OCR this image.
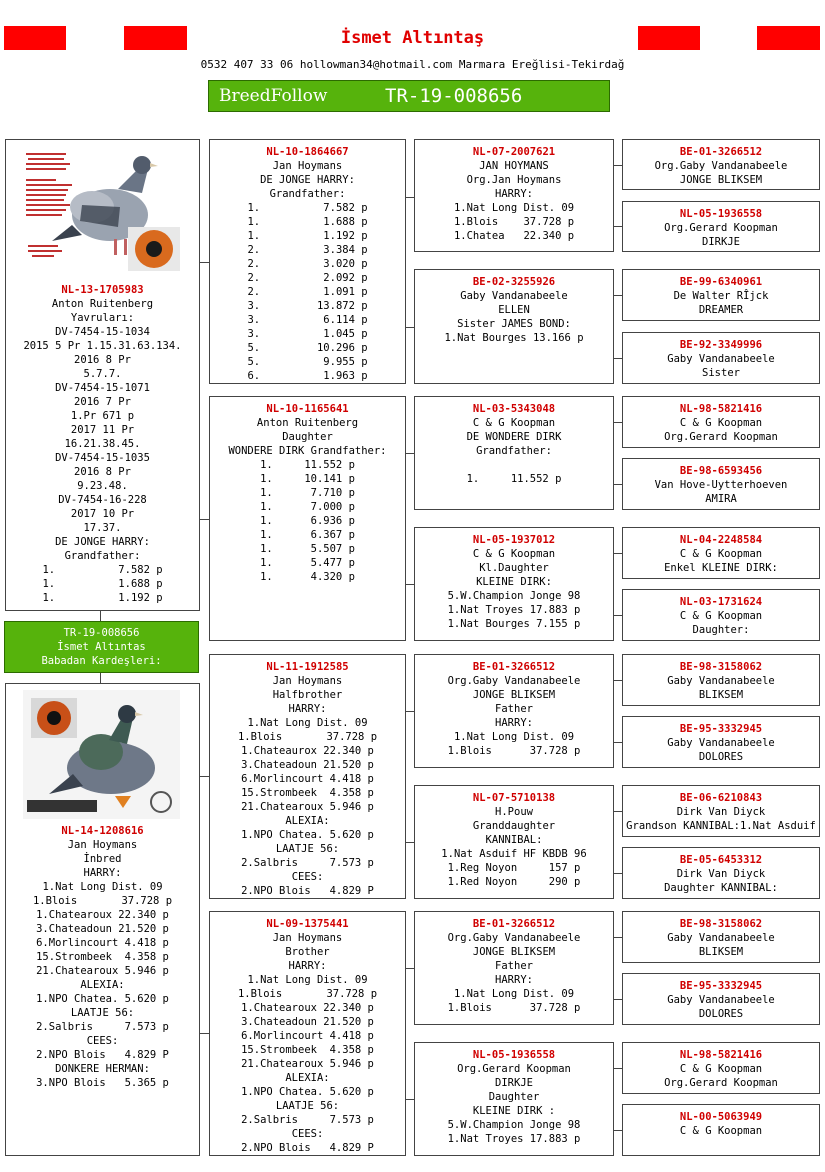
İsmet Altıntaş
0532 407 33 06 hollowman34@hotmail.com Marmara Ereğlisi-Tekirdağ
BreedFollow	TR-19-008656
NL-13-1705983
Anton Ruitenberg
Yavruları:
DV-7454-15-1034
2015 5 Pr 1.15.31.63.134.
2016 8 Pr
5.7.7.
DV-7454-15-1071
2016 7 Pr
1.Pr 671 p
2017 11 Pr
16.21.38.45.
DV-7454-15-1035
2016 8 Pr
9.23.48.
DV-7454-16-228
2017 10 Pr
17.37.
DE JONGE HARRY:
Grandfather:
1.          7.582 p
1.          1.688 p
1.          1.192 p
NL-10-1864667
Jan Hoymans
DE JONGE HARRY:
Grandfather:
1.          7.582 p
1.          1.688 p
1.          1.192 p
2.          3.384 p
2.          3.020 p
2.          2.092 p
2.          1.091 p
3.         13.872 p
3.          6.114 p
3.          1.045 p
5.         10.296 p
5.          9.955 p
6.          1.963 p
NL-07-2007621
JAN HOYMANS
Org.Jan Hoymans
HARRY:
1.Nat Long Dist. 09
1.Blois    37.728 p
1.Chatea   22.340 p
BE-01-3266512
Org.Gaby Vandanabeele
JONGE BLIKSEM
NL-05-1936558
Org.Gerard Koopman
DIRKJE
BE-02-3255926
Gaby Vandanabeele
ELLEN
Sister JAMES BOND:
1.Nat Bourges 13.166 p
BE-99-6340961
De Walter RÎjck
DREAMER
BE-92-3349996
Gaby Vandanabeele
Sister
NL-10-1165641
Anton Ruitenberg
Daughter
WONDERE DIRK Grandfather:
1.     11.552 p
1.     10.141 p
1.      7.710 p
1.      7.000 p
1.      6.936 p
1.      6.367 p
1.      5.507 p
1.      5.477 p
1.      4.320 p
NL-03-5343048
C & G Koopman
DE WONDERE DIRK
Grandfather:
1.     11.552 p
NL-98-5821416
C & G Koopman
Org.Gerard Koopman
BE-98-6593456
Van Hove-Uytterhoeven
AMIRA
NL-05-1937012
C & G Koopman
Kl.Daughter
KLEINE DIRK:
5.W.Champion Jonge 98
1.Nat Troyes 17.883 p
1.Nat Bourges 7.155 p
NL-04-2248584
C & G Koopman
Enkel KLEINE DIRK:
NL-03-1731624
C & G Koopman
Daughter:
NL-14-1208616
Jan Hoymans
İnbred
HARRY:
1.Nat Long Dist. 09
1.Blois       37.728 p
1.Chatearoux 22.340 p
3.Chateadoun 21.520 p
6.Morlincourt 4.418 p
15.Strombeek  4.358 p
21.Chatearoux 5.946 p
ALEXIA:
1.NPO Chatea. 5.620 p
LAATJE 56:
2.Salbris     7.573 p
CEES:
2.NPO Blois   4.829 P
DONKERE HERMAN:
3.NPO Blois   5.365 p
NL-11-1912585
Jan Hoymans
Halfbrother
HARRY:
1.Nat Long Dist. 09
1.Blois       37.728 p
1.Chateaurox 22.340 p
3.Chateadoun 21.520 p
6.Morlincourt 4.418 p
15.Strombeek  4.358 p
21.Chatearoux 5.946 p
ALEXIA:
1.NPO Chatea. 5.620 p
LAATJE 56:
2.Salbris     7.573 p
CEES:
2.NPO Blois   4.829 P
BE-01-3266512
Org.Gaby Vandanabeele
JONGE BLIKSEM
Father
HARRY:
1.Nat Long Dist. 09
1.Blois      37.728 p
BE-98-3158062
Gaby Vandanabeele
BLIKSEM
BE-95-3332945
Gaby Vandanabeele
DOLORES
NL-07-5710138
H.Pouw
Granddaughter
KANNIBAL:
1.Nat Asduif HF KBDB 96
1.Reg Noyon     157 p
1.Red Noyon     290 p
BE-06-6210843
Dirk Van Diyck
Grandson KANNIBAL:1.Nat Asduif
BE-05-6453312
Dirk Van Diyck
Daughter KANNIBAL:
NL-09-1375441
Jan Hoymans
Brother
HARRY:
1.Nat Long Dist. 09
1.Blois       37.728 p
1.Chatearoux 22.340 p
3.Chateadoun 21.520 p
6.Morlincourt 4.418 p
15.Strombeek  4.358 p
21.Chatearoux 5.946 p
ALEXIA:
1.NPO Chatea. 5.620 p
LAATJE 56:
2.Salbris     7.573 p
CEES:
2.NPO Blois   4.829 P
BE-01-3266512
Org.Gaby Vandanabeele
JONGE BLIKSEM
Father
HARRY:
1.Nat Long Dist. 09
1.Blois      37.728 p
BE-98-3158062
Gaby Vandanabeele
BLIKSEM
BE-95-3332945
Gaby Vandanabeele
DOLORES
NL-05-1936558
Org.Gerard Koopman
DIRKJE
Daughter
KLEINE DIRK :
5.W.Champion Jonge 98
1.Nat Troyes 17.883 p
NL-98-5821416
C & G Koopman
Org.Gerard Koopman
NL-00-5063949
C & G Koopman
TR-19-008656
İsmet Altıntas
Babadan Kardeşleri:
